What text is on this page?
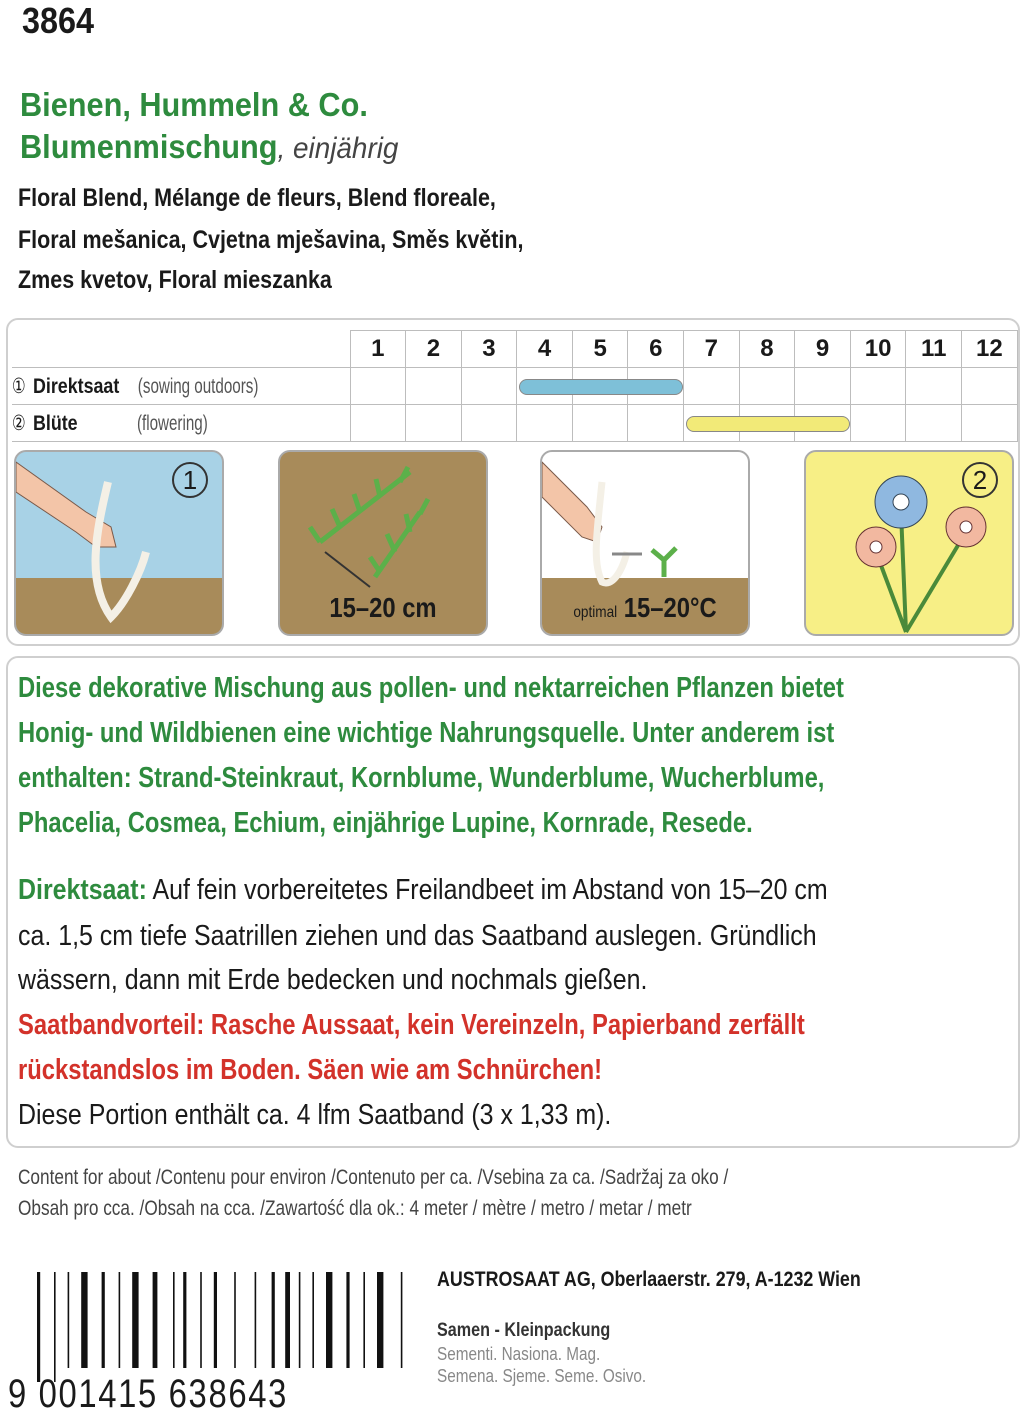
3864
Bienen, Hummeln & Co.
Blumenmischung, einjährig
Floral Blend, Mélange de fleurs, Blend floreale,
Floral mešanica, Cvjetna mješavina, Směs květin,
Zmes kvetov, Floral mieszanka
	1	2	3	4	5	6	7	8	9	10	11	12
① Direktsaat (sowing outdoors)				

② Blüte (flowering)							

1
15–20 cm	optimal 15–20°C
2
Diese dekorative Mischung aus pollen- und nektarreichen Pflanzen bietet
Honig- und Wildbienen eine wichtige Nahrungsquelle. Unter anderem ist
enthalten: Strand-Steinkraut, Kornblume, Wunderblume, Wucherblume,
Phacelia, Cosmea, Echium, einjährige Lupine, Kornrade, Resede.
Direktsaat: Auf fein vorbereitetes Freilandbeet im Abstand von 15–20 cm
ca. 1,5 cm tiefe Saatrillen ziehen und das Saatband auslegen. Gründlich
wässern, dann mit Erde bedecken und nochmals gießen.
Saatbandvorteil: Rasche Aussaat, kein Vereinzeln, Papierband zerfällt
rückstandslos im Boden. Säen wie am Schnürchen!
Diese Portion enthält ca. 4 lfm Saatband (3 x 1,33 m).
Content for about /Contenu pour environ /Contenuto per ca. /Vsebina za ca. /Sadržaj za oko /
Obsah pro cca. /Obsah na cca. /Zawartość dla ok.: 4 meter / mètre / metro / metar / metr
9 001415 638643
AUSTROSAAT AG, Oberlaaerstr. 279, A-1232 Wien
Samen - Kleinpackung
Sementi. Nasiona. Mag.
Semena. Sjeme. Seme. Osivo.
